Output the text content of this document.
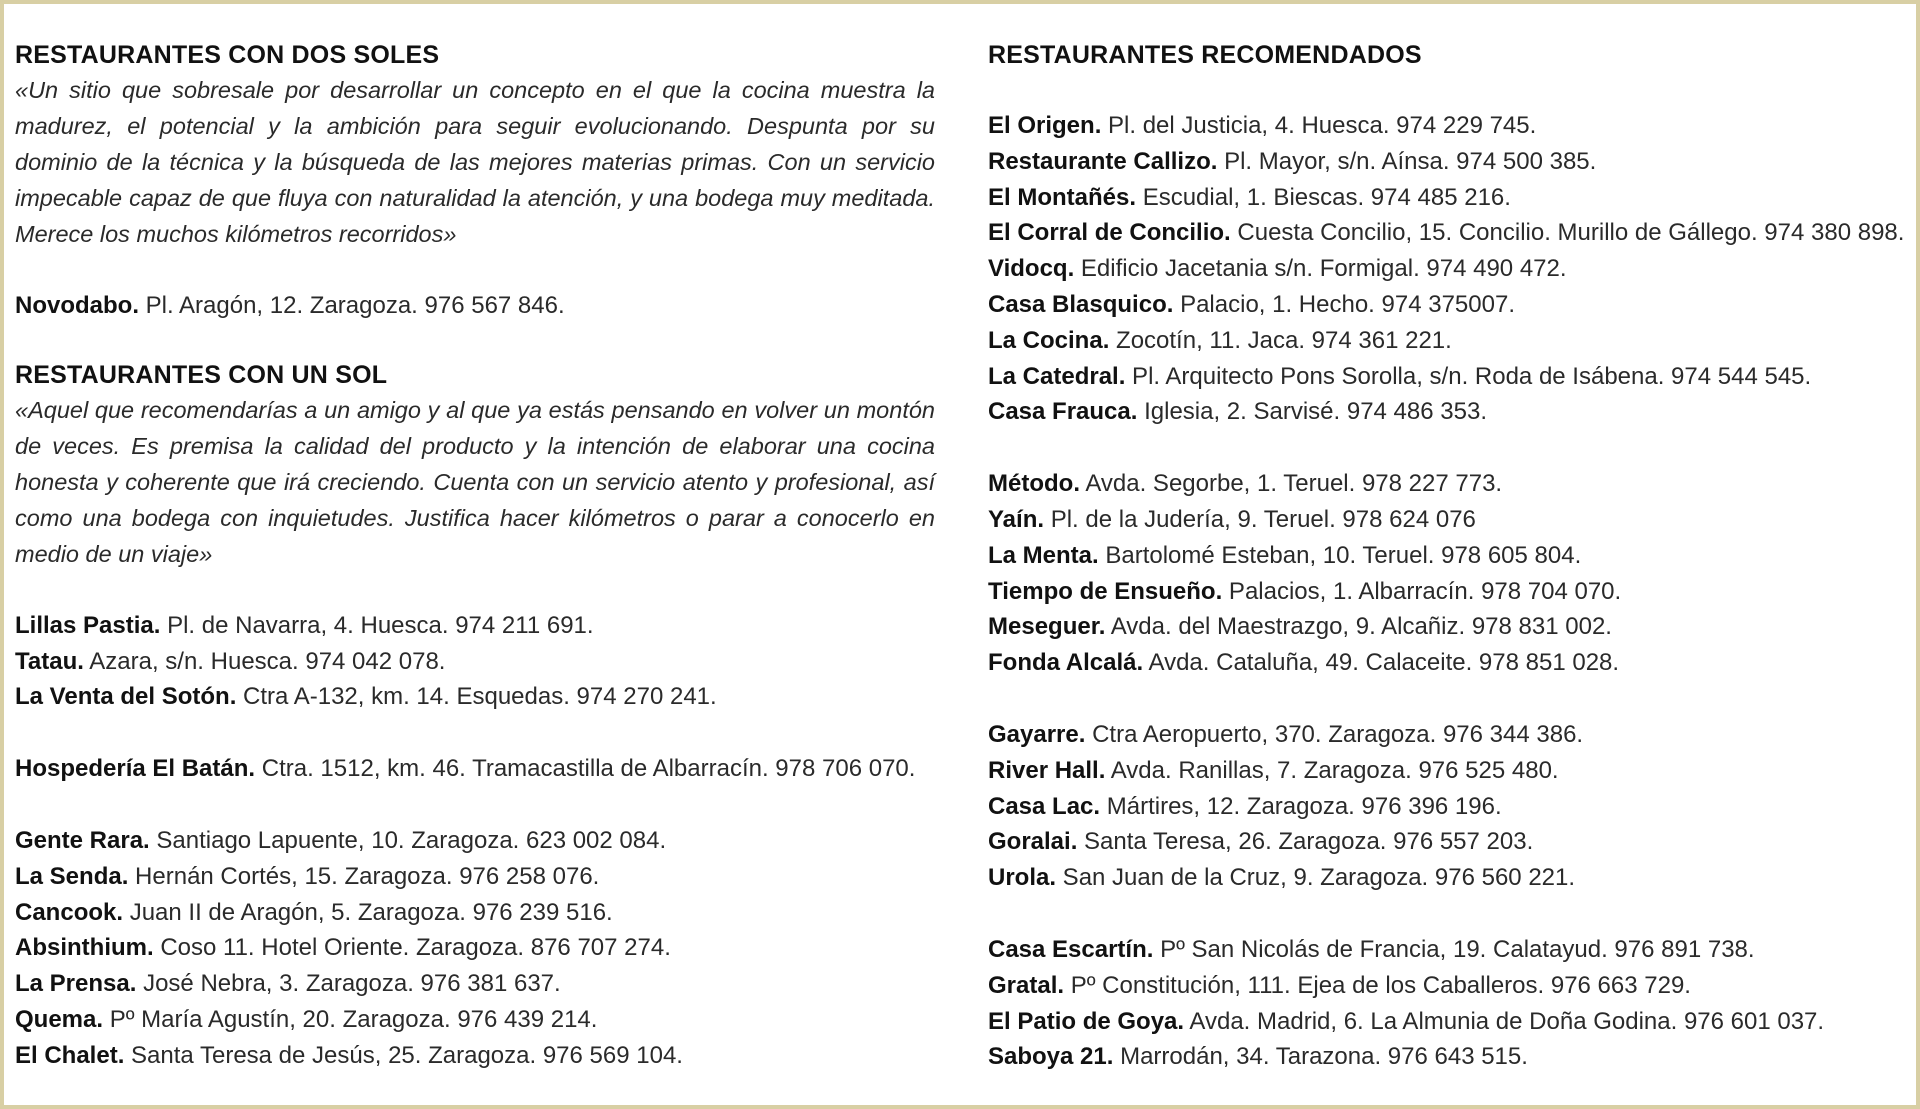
RESTAURANTES CON DOS SOLES

«Un sitio que sobresale por desarrollar un concepto en el que la cocina muestra la madurez, el potencial y la ambición para seguir evolucionando. Despunta por su dominio de la técnica y la búsqueda de las mejores materias primas. Con un servicio impecable capaz de que fluya con naturalidad la atención, y una bodega muy meditada. Merece los muchos kilómetros recorridos»

Novodabo. Pl. Aragón, 12. Zaragoza. 976 567 846.

RESTAURANTES CON UN SOL

«Aquel que recomendarías a un amigo y al que ya estás pensando en volver un montón de veces. Es premisa la calidad del producto y la intención de elaborar una cocina honesta y coherente que irá creciendo. Cuenta con un servicio atento y profesional, así como una bodega con inquietudes. Justifica hacer kilómetros o parar a conocerlo en medio de un viaje»

Lillas Pastia. Pl. de Navarra, 4. Huesca. 974 211 691.

Tatau. Azara, s/n. Huesca. 974 042 078.

La Venta del Sotón. Ctra A-132, km. 14. Esquedas. 974 270 241.

Hospedería El Batán. Ctra. 1512, km. 46. Tramacastilla de Albarracín. 978 706 070.

Gente Rara. Santiago Lapuente, 10. Zaragoza. 623 002 084.

La Senda. Hernán Cortés, 15. Zaragoza. 976 258 076.

Cancook. Juan II de Aragón, 5. Zaragoza. 976 239 516.

Absinthium. Coso 11. Hotel Oriente. Zaragoza. 876 707 274.

La Prensa. José Nebra, 3. Zaragoza. 976 381 637.

Quema. Pº María Agustín, 20. Zaragoza. 976 439 214.

El Chalet. Santa Teresa de Jesús, 25. Zaragoza. 976 569 104.

RESTAURANTES RECOMENDADOS

El Origen. Pl. del Justicia, 4. Huesca. 974 229 745.

Restaurante Callizo. Pl. Mayor, s/n. Aínsa. 974 500 385.

El Montañés. Escudial, 1. Biescas. 974 485 216.

El Corral de Concilio. Cuesta Concilio, 15. Concilio. Murillo de Gállego. 974 380 898.

Vidocq. Edificio Jacetania s/n. Formigal. 974 490 472.

Casa Blasquico. Palacio, 1. Hecho. 974 375007.

La Cocina. Zocotín, 11. Jaca. 974 361 221.

La Catedral. Pl. Arquitecto Pons Sorolla, s/n. Roda de Isábena. 974 544 545.

Casa Frauca. Iglesia, 2. Sarvisé. 974 486 353.

Método. Avda. Segorbe, 1. Teruel. 978 227 773.

Yaín. Pl. de la Judería, 9. Teruel. 978 624 076

La Menta. Bartolomé Esteban, 10. Teruel. 978 605 804.

Tiempo de Ensueño. Palacios, 1. Albarracín. 978 704 070.

Meseguer. Avda. del Maestrazgo, 9. Alcañiz. 978 831 002.

Fonda Alcalá. Avda. Cataluña, 49. Calaceite. 978 851 028.

Gayarre. Ctra Aeropuerto, 370. Zaragoza. 976 344 386.

River Hall. Avda. Ranillas, 7. Zaragoza. 976 525 480.

Casa Lac. Mártires, 12. Zaragoza. 976 396 196.

Goralai. Santa Teresa, 26. Zaragoza. 976 557 203.

Urola. San Juan de la Cruz, 9. Zaragoza. 976 560 221.

Casa Escartín. Pº San Nicolás de Francia, 19. Calatayud. 976 891 738.

Gratal. Pº Constitución, 111. Ejea de los Caballeros. 976 663 729.

El Patio de Goya. Avda. Madrid, 6. La Almunia de Doña Godina. 976 601 037.

Saboya 21. Marrodán, 34. Tarazona. 976 643 515.
